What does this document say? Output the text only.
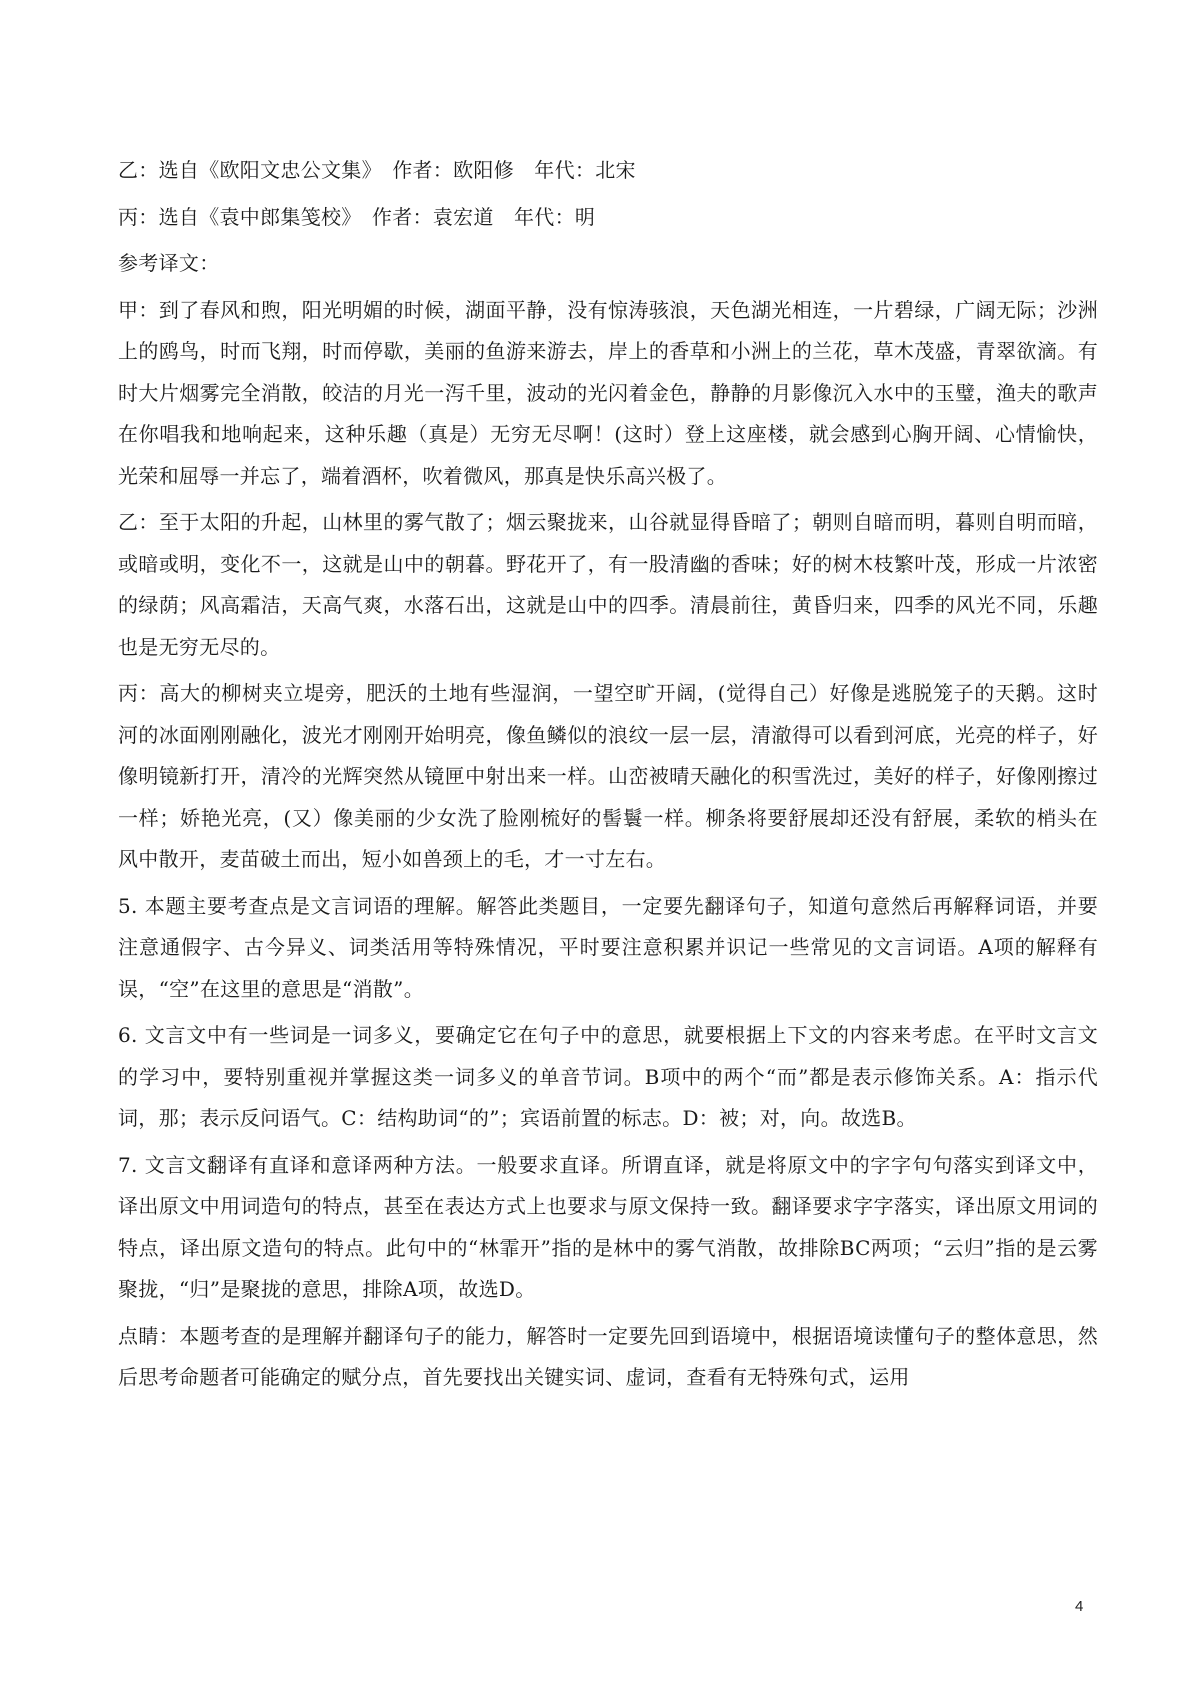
乙：选自《欧阳文忠公文集》　作者：欧阳修　年代：北宋

丙：选自《袁中郎集笺校》　作者：袁宏道　年代：明

参考译文：

甲：到了春风和煦，阳光明媚的时候，湖面平静，没有惊涛骇浪，天色湖光相连，一片碧绿，广阔无际；沙洲上的鸥鸟，时而飞翔，时而停歇，美丽的鱼游来游去，岸上的香草和小洲上的兰花，草木茂盛，青翠欲滴。有时大片烟雾完全消散，皎洁的月光一泻千里，波动的光闪着金色，静静的月影像沉入水中的玉璧，渔夫的歌声在你唱我和地响起来，这种乐趣（真是）无穷无尽啊！(这时）登上这座楼，就会感到心胸开阔、心情愉快，光荣和屈辱一并忘了，端着酒杯，吹着微风，那真是快乐高兴极了。

乙：至于太阳的升起，山林里的雾气散了；烟云聚拢来，山谷就显得昏暗了；朝则自暗而明，暮则自明而暗，或暗或明，变化不一，这就是山中的朝暮。野花开了，有一股清幽的香味；好的树木枝繁叶茂，形成一片浓密的绿荫；风高霜洁，天高气爽，水落石出，这就是山中的四季。清晨前往，黄昏归来，四季的风光不同，乐趣也是无穷无尽的。

丙：高大的柳树夹立堤旁，肥沃的土地有些湿润，一望空旷开阔，(觉得自己）好像是逃脱笼子的天鹅。这时河的冰面刚刚融化，波光才刚刚开始明亮，像鱼鳞似的浪纹一层一层，清澈得可以看到河底，光亮的样子，好像明镜新打开，清冷的光辉突然从镜匣中射出来一样。山峦被晴天融化的积雪洗过，美好的样子，好像刚擦过一样；娇艳光亮，(又）像美丽的少女洗了脸刚梳好的髻鬟一样。柳条将要舒展却还没有舒展，柔软的梢头在风中散开，麦苗破土而出，短小如兽颈上的毛，才一寸左右。

5. 本题主要考查点是文言词语的理解。解答此类题目，一定要先翻译句子，知道句意然后再解释词语，并要注意通假字、古今异义、词类活用等特殊情况，平时要注意积累并识记一些常见的文言词语。A项的解释有误，“空”在这里的意思是“消散”。

6. 文言文中有一些词是一词多义，要确定它在句子中的意思，就要根据上下文的内容来考虑。在平时文言文的学习中，要特别重视并掌握这类一词多义的单音节词。B项中的两个“而”都是表示修饰关系。A：指示代词，那；表示反问语气。C：结构助词“的”；宾语前置的标志。D：被；对，向。故选B。

7. 文言文翻译有直译和意译两种方法。一般要求直译。所谓直译，就是将原文中的字字句句落实到译文中，译出原文中用词造句的特点，甚至在表达方式上也要求与原文保持一致。翻译要求字字落实，译出原文用词的特点，译出原文造句的特点。此句中的“林霏开”指的是林中的雾气消散，故排除BC两项；“云归”指的是云雾聚拢，“归”是聚拢的意思，排除A项，故选D。

点睛：本题考查的是理解并翻译句子的能力，解答时一定要先回到语境中，根据语境读懂句子的整体意思，然后思考命题者可能确定的赋分点，首先要找出关键实词、虚词，查看有无特殊句式，运用

4
